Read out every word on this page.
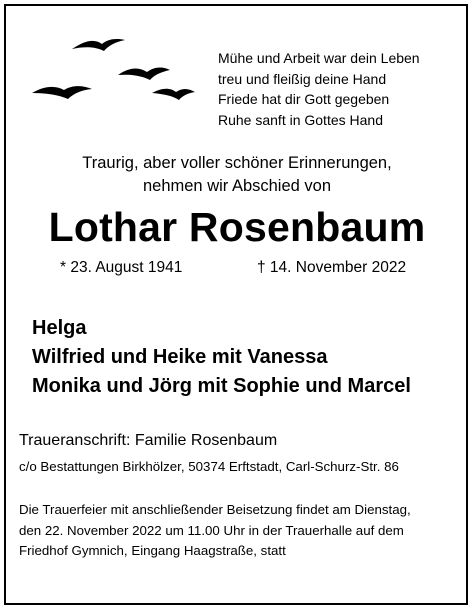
Mühe und Arbeit war dein Leben
treu und fleißig deine Hand
Friede hat dir Gott gegeben
Ruhe sanft in Gottes Hand
Traurig, aber voller schöner Erinnerungen,
nehmen wir Abschied von
Lothar Rosenbaum
* 23. August 1941	† 14. November 2022
Helga
Wilfried und Heike mit Vanessa
Monika und Jörg mit Sophie und Marcel
Traueranschrift: Familie Rosenbaum
c/o Bestattungen Birkhölzer, 50374 Erftstadt, Carl-Schurz-Str. 86
Die Trauerfeier mit anschließender Beisetzung findet am Dienstag,
den 22. November 2022 um 11.00 Uhr in der Trauerhalle auf dem
Friedhof Gymnich, Eingang Haagstraße, statt
